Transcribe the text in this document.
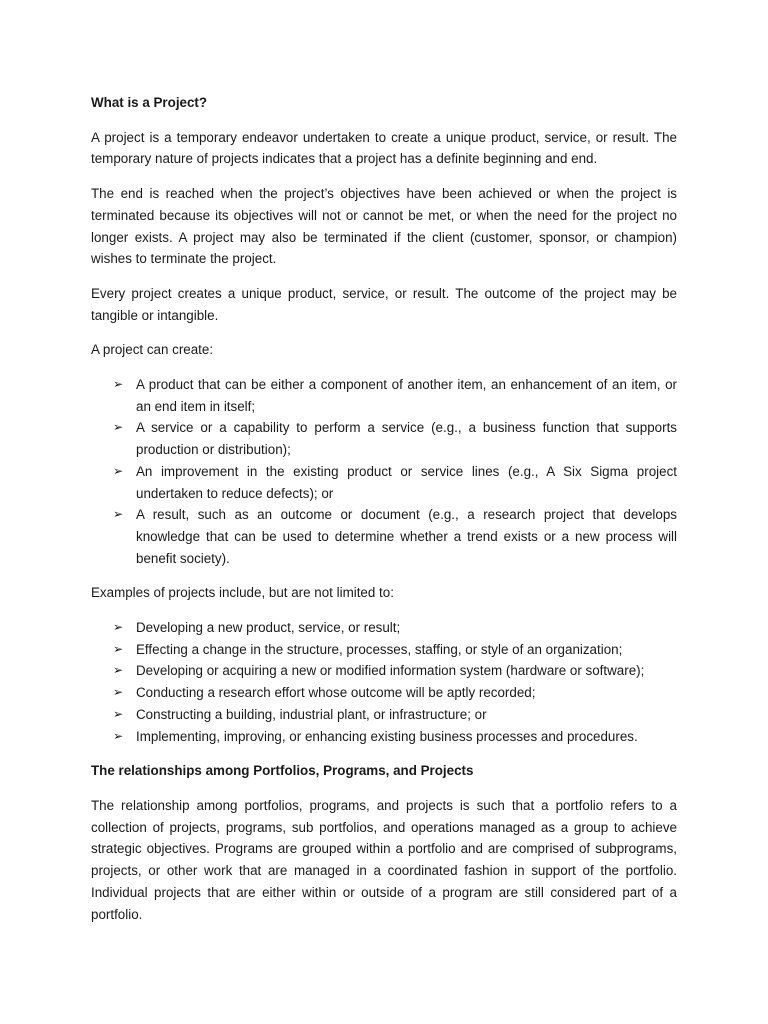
What is a Project?

A project is a temporary endeavor undertaken to create a unique product, service, or result. The temporary nature of projects indicates that a project has a definite beginning and end.

The end is reached when the project’s objectives have been achieved or when the project is terminated because its objectives will not or cannot be met, or when the need for the project no longer exists. A project may also be terminated if the client (customer, sponsor, or champion) wishes to terminate the project.

Every project creates a unique product, service, or result. The outcome of the project may be tangible or intangible.

A project can create:

➢ A product that can be either a component of another item, an enhancement of an item, or an end item in itself;
➢ A service or a capability to perform a service (e.g., a business function that supports production or distribution);
➢ An improvement in the existing product or service lines (e.g., A Six Sigma project undertaken to reduce defects); or
➢ A result, such as an outcome or document (e.g., a research project that develops knowledge that can be used to determine whether a trend exists or a new process will benefit society).

Examples of projects include, but are not limited to:

➢ Developing a new product, service, or result;
➢ Effecting a change in the structure, processes, staffing, or style of an organization;
➢ Developing or acquiring a new or modified information system (hardware or software);
➢ Conducting a research effort whose outcome will be aptly recorded;
➢ Constructing a building, industrial plant, or infrastructure; or
➢ Implementing, improving, or enhancing existing business processes and procedures.
The relationships among Portfolios, Programs, and Projects

The relationship among portfolios, programs, and projects is such that a portfolio refers to a collection of projects, programs, sub portfolios, and operations managed as a group to achieve strategic objectives. Programs are grouped within a portfolio and are comprised of subprograms, projects, or other work that are managed in a coordinated fashion in support of the portfolio. Individual projects that are either within or outside of a program are still considered part of a portfolio.
